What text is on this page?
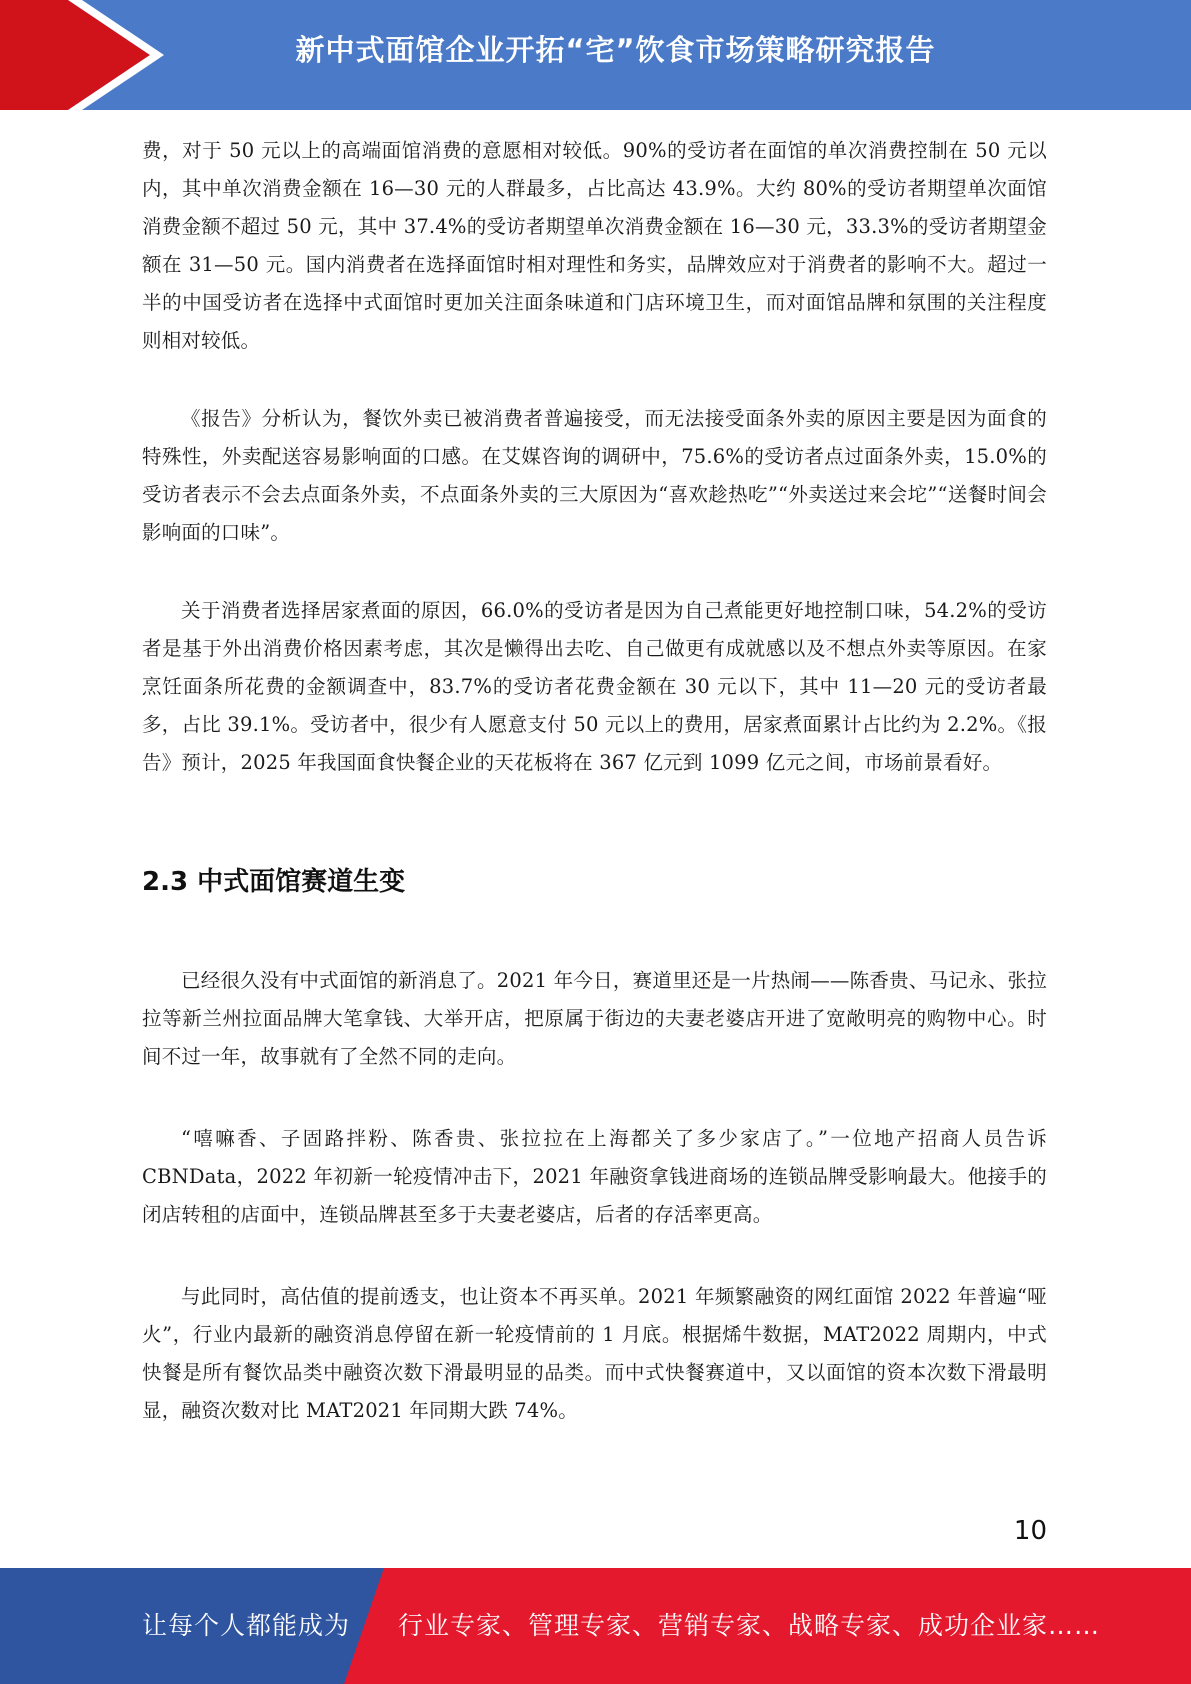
新中式面馆企业开拓“宅”饮食市场策略研究报告

费，对于 50 元以上的高端面馆消费的意愿相对较低。90%的受访者在面馆的单次消费控制在 50 元以内，其中单次消费金额在 16—30 元的人群最多，占比高达 43.9%。大约 80%的受访者期望单次面馆消费金额不超过 50 元，其中 37.4%的受访者期望单次消费金额在 16—30 元，33.3%的受访者期望金额在 31—50 元。国内消费者在选择面馆时相对理性和务实，品牌效应对于消费者的影响不大。超过一半的中国受访者在选择中式面馆时更加关注面条味道和门店环境卫生，而对面馆品牌和氛围的关注程度则相对较低。

《报告》分析认为，餐饮外卖已被消费者普遍接受，而无法接受面条外卖的原因主要是因为面食的特殊性，外卖配送容易影响面的口感。在艾媒咨询的调研中，75.6%的受访者点过面条外卖，15.0%的受访者表示不会去点面条外卖，不点面条外卖的三大原因为“喜欢趁热吃”“外卖送过来会坨”“送餐时间会影响面的口味”。

关于消费者选择居家煮面的原因，66.0%的受访者是因为自己煮能更好地控制口味，54.2%的受访者是基于外出消费价格因素考虑，其次是懒得出去吃、自己做更有成就感以及不想点外卖等原因。在家烹饪面条所花费的金额调查中，83.7%的受访者花费金额在 30 元以下，其中 11—20 元的受访者最多，占比 39.1%。受访者中，很少有人愿意支付 50 元以上的费用，居家煮面累计占比约为 2.2%。《报告》预计，2025 年我国面食快餐企业的天花板将在 367 亿元到 1099 亿元之间，市场前景看好。

2.3 中式面馆赛道生变

已经很久没有中式面馆的新消息了。2021 年今日，赛道里还是一片热闹——陈香贵、马记永、张拉拉等新兰州拉面品牌大笔拿钱、大举开店，把原属于街边的夫妻老婆店开进了宽敞明亮的购物中心。时间不过一年，故事就有了全然不同的走向。

“嘻嘛香、子固路拌粉、陈香贵、张拉拉在上海都关了多少家店了。”一位地产招商人员告诉 CBNData，2022 年初新一轮疫情冲击下，2021 年融资拿钱进商场的连锁品牌受影响最大。他接手的闭店转租的店面中，连锁品牌甚至多于夫妻老婆店，后者的存活率更高。

与此同时，高估值的提前透支，也让资本不再买单。2021 年频繁融资的网红面馆 2022 年普遍“哑火”，行业内最新的融资消息停留在新一轮疫情前的 1 月底。根据烯牛数据，MAT2022 周期内，中式快餐是所有餐饮品类中融资次数下滑最明显的品类。而中式快餐赛道中，又以面馆的资本次数下滑最明显，融资次数对比 MAT2021 年同期大跌 74%。

10
让每个人都能成为 行业专家、管理专家、营销专家、战略专家、成功企业家……
